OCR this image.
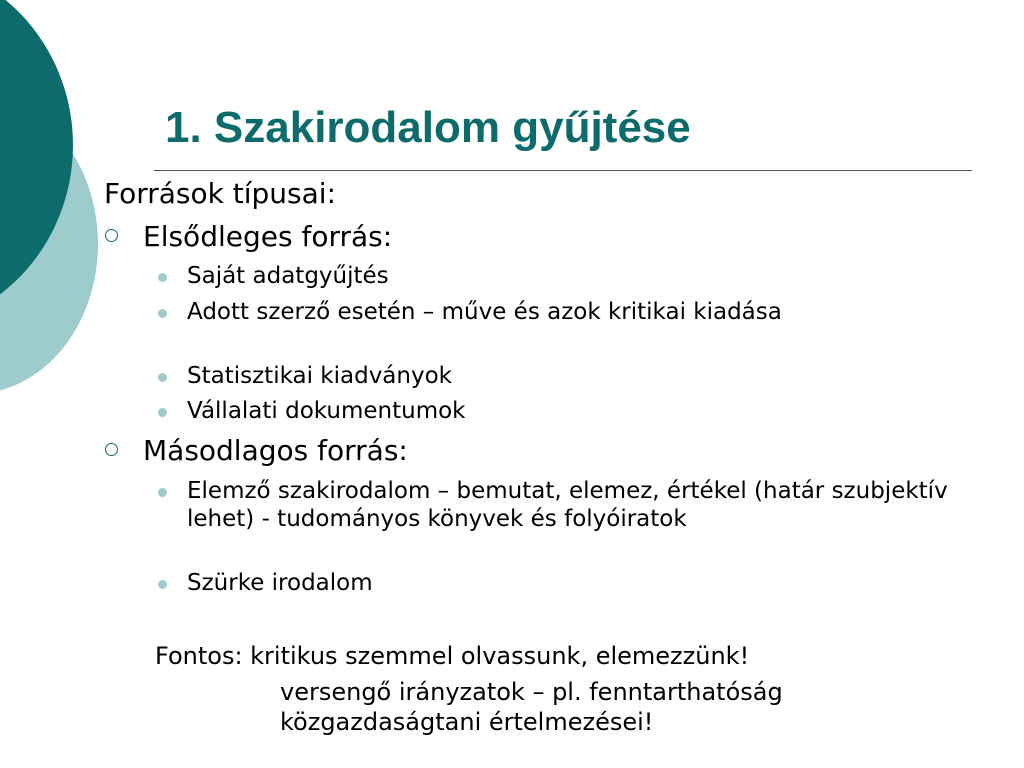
1. Szakirodalom gyűjtése
Források típusai:
Elsődleges forrás:
Saját adatgyűjtés
Adott szerző esetén – műve és azok kritikai kiadása
Statisztikai kiadványok
Vállalati dokumentumok
Másodlagos forrás:
Elemző szakirodalom – bemutat, elemez, értékel (határ szubjektív lehet) - tudományos könyvek és folyóiratok
Szürke irodalom
Fontos: kritikus szemmel olvassunk, elemezzünk!
versengő irányzatok – pl. fenntarthatóság közgazdaságtani értelmezései!
